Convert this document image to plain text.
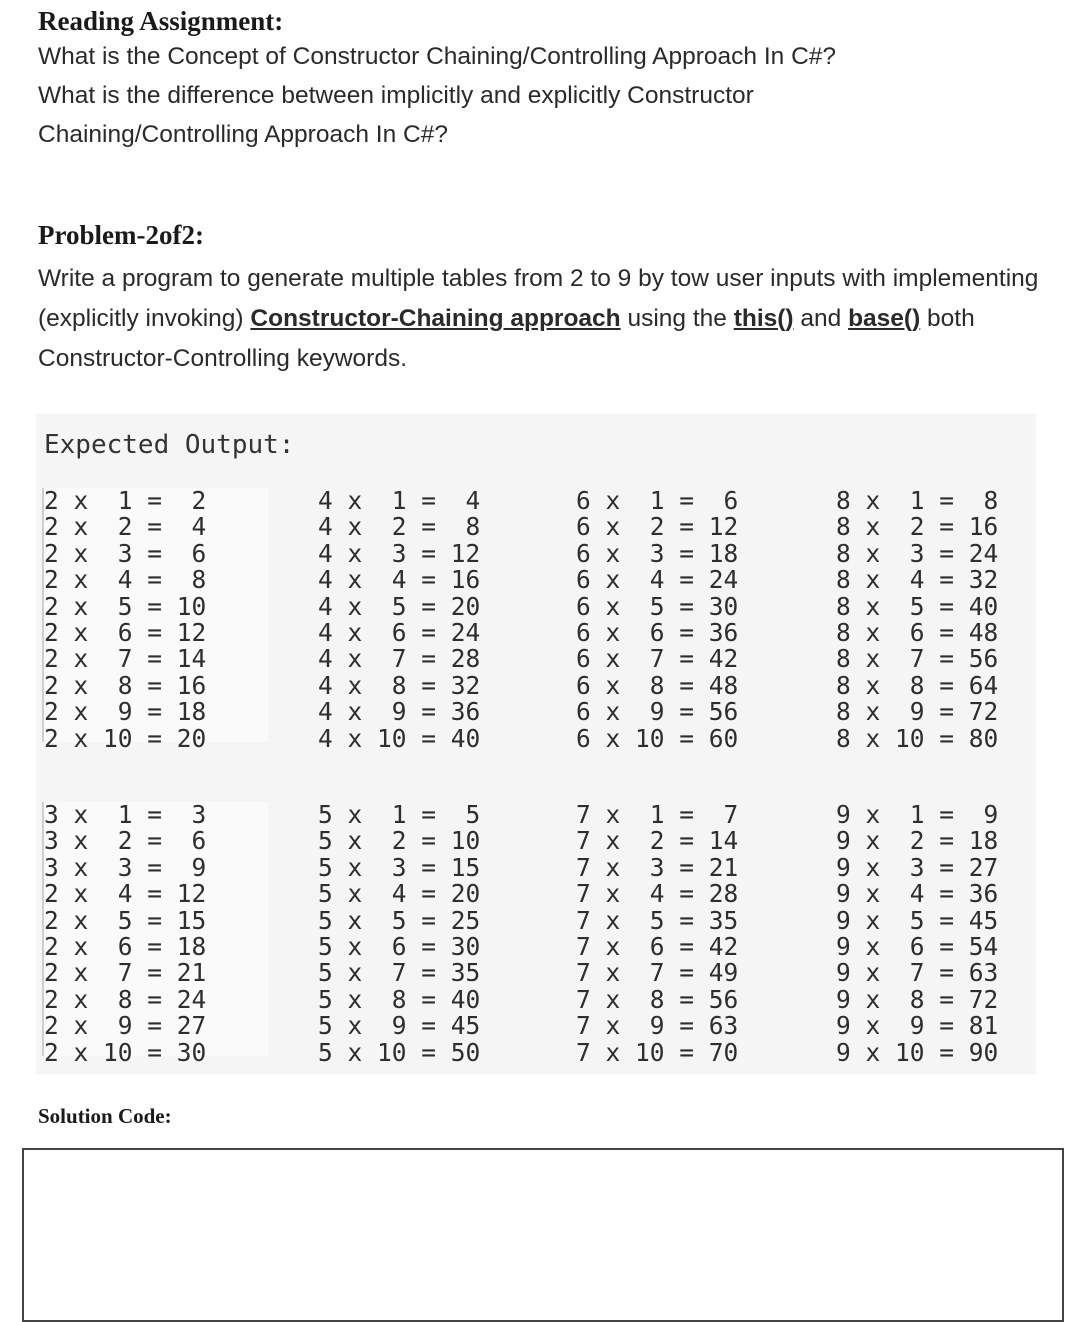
Reading Assignment:
What is the Concept of Constructor Chaining/Controlling Approach In C#?
What is the difference between implicitly and explicitly Constructor
Chaining/Controlling Approach In C#?
Problem-2of2:
Write a program to generate multiple tables from 2 to 9 by tow user inputs with implementing (explicitly invoking) Constructor-Chaining approach using the this() and base() both Constructor-Controlling keywords.
Expected Output:
2 x  1 =  2
2 x  2 =  4
2 x  3 =  6
2 x  4 =  8
2 x  5 = 10
2 x  6 = 12
2 x  7 = 14
2 x  8 = 16
2 x  9 = 18
2 x 10 = 20
4 x  1 =  4
4 x  2 =  8
4 x  3 = 12
4 x  4 = 16
4 x  5 = 20
4 x  6 = 24
4 x  7 = 28
4 x  8 = 32
4 x  9 = 36
4 x 10 = 40
6 x  1 =  6
6 x  2 = 12
6 x  3 = 18
6 x  4 = 24
6 x  5 = 30
6 x  6 = 36
6 x  7 = 42
6 x  8 = 48
6 x  9 = 56
6 x 10 = 60
8 x  1 =  8
8 x  2 = 16
8 x  3 = 24
8 x  4 = 32
8 x  5 = 40
8 x  6 = 48
8 x  7 = 56
8 x  8 = 64
8 x  9 = 72
8 x 10 = 80
3 x  1 =  3
3 x  2 =  6
3 x  3 =  9
2 x  4 = 12
2 x  5 = 15
2 x  6 = 18
2 x  7 = 21
2 x  8 = 24
2 x  9 = 27
2 x 10 = 30
5 x  1 =  5
5 x  2 = 10
5 x  3 = 15
5 x  4 = 20
5 x  5 = 25
5 x  6 = 30
5 x  7 = 35
5 x  8 = 40
5 x  9 = 45
5 x 10 = 50
7 x  1 =  7
7 x  2 = 14
7 x  3 = 21
7 x  4 = 28
7 x  5 = 35
7 x  6 = 42
7 x  7 = 49
7 x  8 = 56
7 x  9 = 63
7 x 10 = 70
9 x  1 =  9
9 x  2 = 18
9 x  3 = 27
9 x  4 = 36
9 x  5 = 45
9 x  6 = 54
9 x  7 = 63
9 x  8 = 72
9 x  9 = 81
9 x 10 = 90
Solution Code:
